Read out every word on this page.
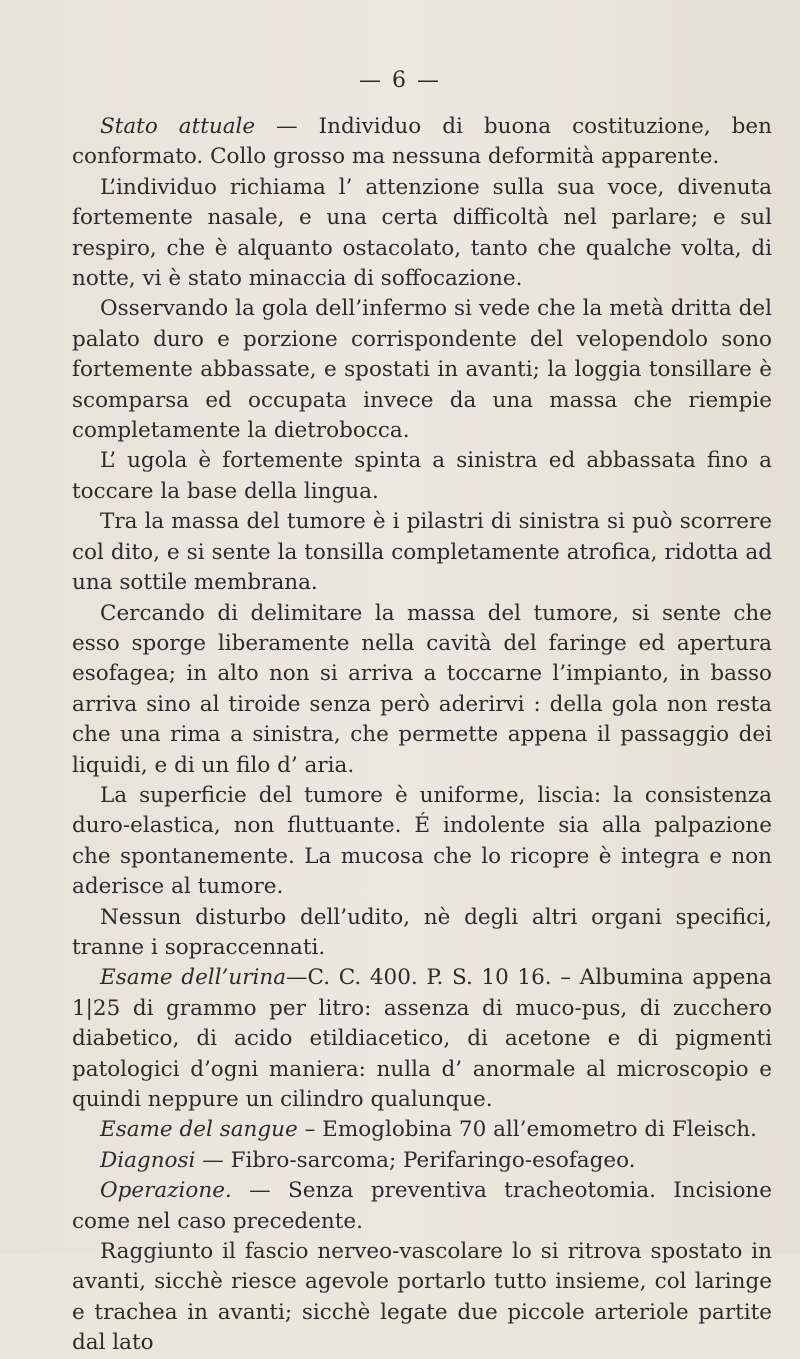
— 6 —

Stato attuale — Individuo di buona costituzione, ben conformato. Collo grosso ma nessuna deformità apparente.

L’individuo richiama l’ attenzione sulla sua voce, divenuta fortemente nasale, e una certa difficoltà nel parlare; e sul respiro, che è alquanto ostacolato, tanto che qualche volta, di notte, vi è stato minaccia di soffocazione.

Osservando la gola dell’infermo si vede che la metà dritta del palato duro e porzione corrispondente del velopendolo sono fortemente abbassate, e spostati in avanti; la loggia tonsillare è scomparsa ed occupata invece da una massa che riempie completamente la dietrobocca.

L’ ugola è fortemente spinta a sinistra ed abbassata fino a toccare la base della lingua.

Tra la massa del tumore è i pilastri di sinistra si può scorrere col dito, e si sente la tonsilla completamente atrofica, ridotta ad una sottile membrana.

Cercando di delimitare la massa del tumore, si sente che esso sporge liberamente nella cavità del faringe ed apertura esofagea; in alto non si arriva a toccarne l’impianto, in basso arriva sino al tiroide senza però aderirvi : della gola non resta che una rima a sinistra, che permette appena il passaggio dei liquidi, e di un filo d’ aria.

La superficie del tumore è uniforme, liscia: la consistenza duro-elastica, non fluttuante. É indolente sia alla palpazione che spontanemente. La mucosa che lo ricopre è integra e non aderisce al tumore.

Nessun disturbo dell’udito, nè degli altri organi specifici, tranne i sopraccennati.

Esame dell’urina—C. C. 400. P. S. 10 16. – Albumina appena 1|25 di grammo per litro: assenza di muco-pus, di zucchero diabetico, di acido etildiacetico, di acetone e di pigmenti patologici d’ogni maniera: nulla d’ anormale al microscopio e quindi neppure un cilindro qualunque.

Esame del sangue – Emoglobina 70 all’emometro di Fleisch.

Diagnosi — Fibro-sarcoma; Perifaringo-esofageo.

Operazione. — Senza preventiva tracheotomia. Incisione come nel caso precedente.

Raggiunto il fascio nerveo-vascolare lo si ritrova spostato in avanti, sicchè riesce agevole portarlo tutto insieme, col laringe e trachea in avanti; sicchè legate due piccole arteriole partite dal lato
